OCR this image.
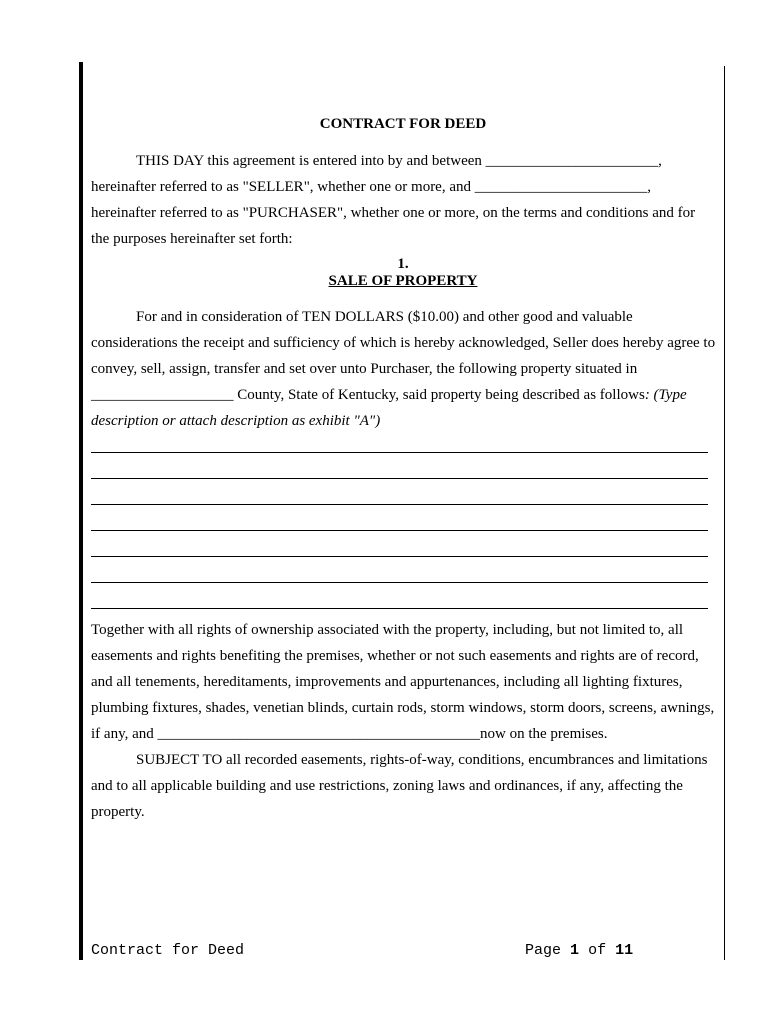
CONTRACT FOR DEED

THIS DAY this agreement is entered into by and between _______________________, hereinafter referred to as "SELLER", whether one or more, and _______________________, hereinafter referred to as "PURCHASER", whether one or more, on the terms and conditions and for the purposes hereinafter set forth:

1.
SALE OF PROPERTY

For and in consideration of TEN DOLLARS ($10.00) and other good and valuable considerations the receipt and sufficiency of which is hereby acknowledged, Seller does hereby agree to convey, sell, assign, transfer and set over unto Purchaser, the following property situated in ___________________ County, State of Kentucky, said property being described as follows: (Type description or attach description as exhibit "A")

Together with all rights of ownership associated with the property, including, but not limited to, all easements and rights benefiting the premises, whether or not such easements and rights are of record, and all tenements, hereditaments, improvements and appurtenances, including all lighting fixtures, plumbing fixtures, shades, venetian blinds, curtain rods, storm windows, storm doors, screens, awnings, if any, and ___________________________________________now on the premises.

SUBJECT TO all recorded easements, rights-of-way, conditions, encumbrances and limitations and to all applicable building and use restrictions, zoning laws and ordinances, if any, affecting the property.

Contract for Deed	Page 1 of 11
